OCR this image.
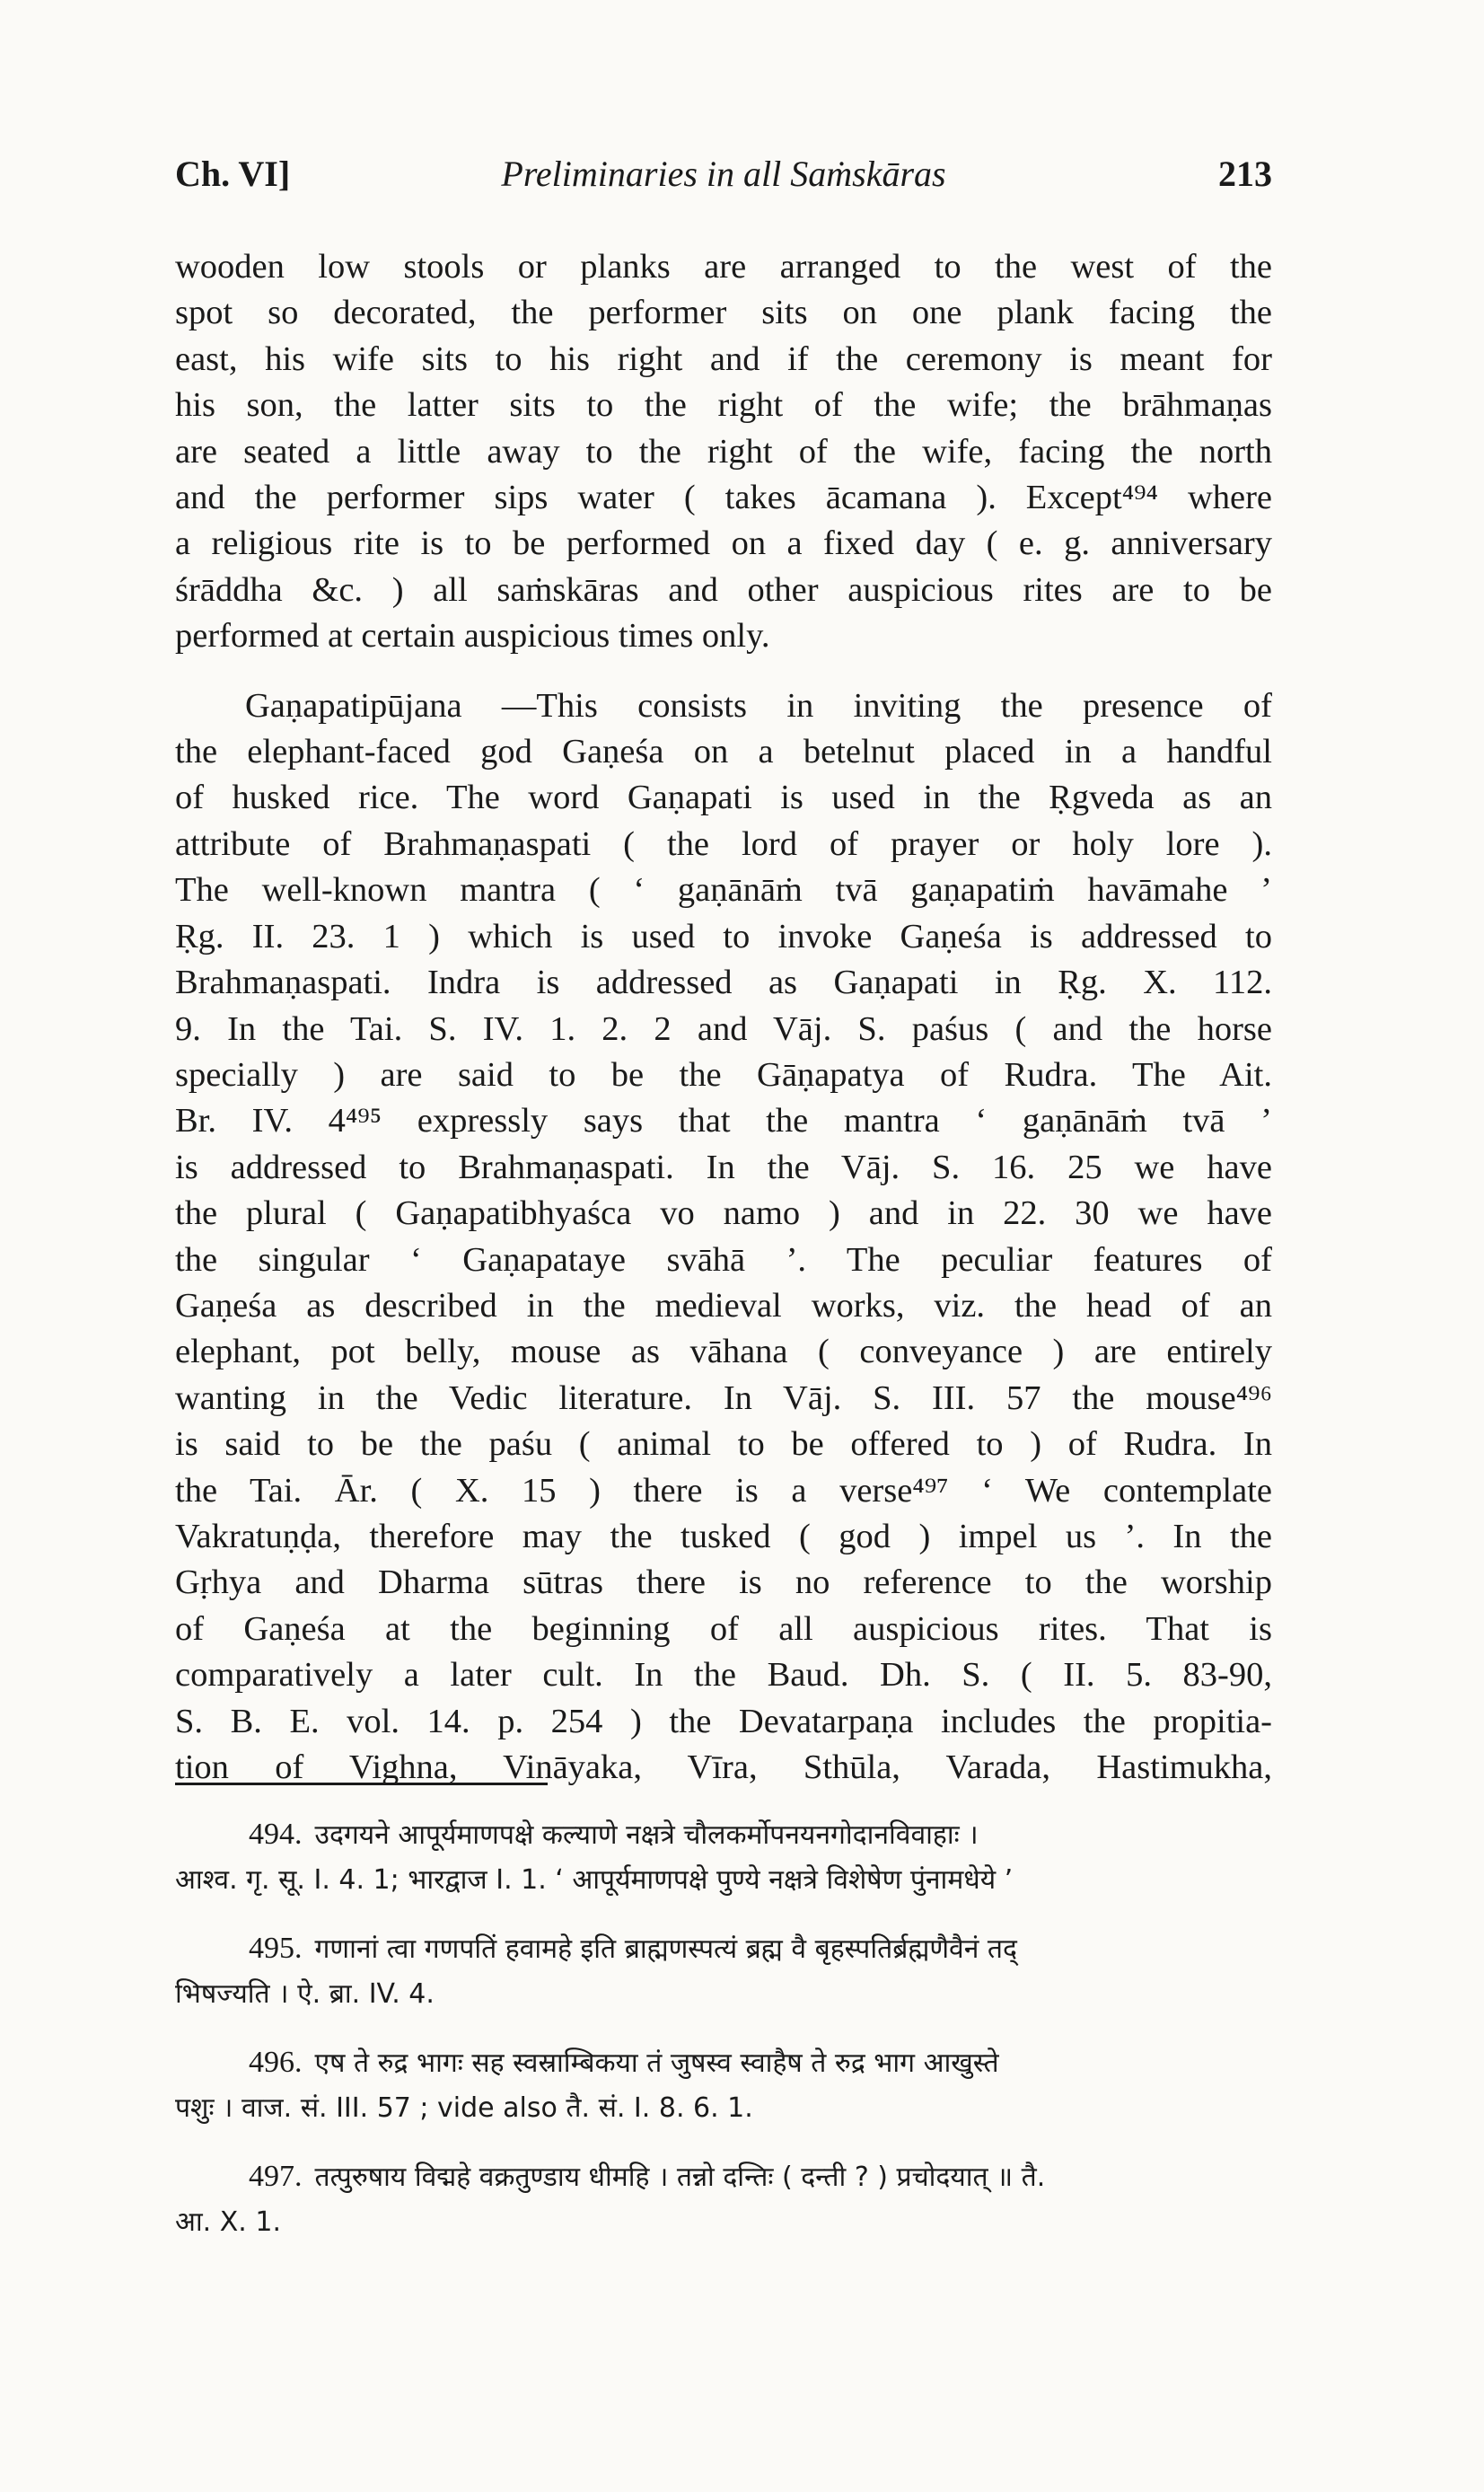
Ch. VI]	Preliminaries in all Saṁskāras	213

wooden low stools or planks are arranged to the west of the
spot so decorated, the performer sits on one plank facing the
east, his wife sits to his right and if the ceremony is meant for
his son, the latter sits to the right of the wife; the brāhmaṇas
are seated a little away to the right of the wife, facing the north
and the performer sips water ( takes ācamana ). Except⁴⁹⁴ where
a religious rite is to be performed on a fixed day ( e. g. anniversary
śrāddha &c. ) all saṁskāras and other auspicious rites are to be
performed at certain auspicious times only.

Gaṇapatipūjana —This consists in inviting the presence of

the elephant-faced god Gaṇeśa on a betelnut placed in a handful
of husked rice. The word Gaṇapati is used in the Ṛgveda as an
attribute of Brahmaṇaspati ( the lord of prayer or holy lore ).
The well-known mantra ( ‘ gaṇānāṁ tvā gaṇapatiṁ havāmahe ’
Ṛg. II. 23. 1 ) which is used to invoke Gaṇeśa is addressed to
Brahmaṇaspati. Indra is addressed as Gaṇapati in Ṛg. X. 112.
9. In the Tai. S. IV. 1. 2. 2 and Vāj. S. paśus ( and the horse
specially ) are said to be the Gāṇapatya of Rudra. The Ait.
Br. IV. 4⁴⁹⁵ expressly says that the mantra ‘ gaṇānāṁ tvā ’
is addressed to Brahmaṇaspati. In the Vāj. S. 16. 25 we have
the plural ( Gaṇapatibhyaśca vo namo ) and in 22. 30 we have
the singular ‘ Gaṇapataye svāhā ’. The peculiar features of
Gaṇeśa as described in the medieval works, viz. the head of an
elephant, pot belly, mouse as vāhana ( conveyance ) are entirely
wanting in the Vedic literature. In Vāj. S. III. 57 the mouse⁴⁹⁶
is said to be the paśu ( animal to be offered to ) of Rudra. In
the Tai. Ār. ( X. 15 ) there is a verse⁴⁹⁷ ‘ We contemplate
Vakratuṇḍa, therefore may the tusked ( god ) impel us ’. In the
Gṛhya and Dharma sūtras there is no reference to the worship
of Gaṇeśa at the beginning of all auspicious rites. That is
comparatively a later cult. In the Baud. Dh. S. ( II. 5. 83-90,
S. B. E. vol. 14. p. 254 ) the Devatarpaṇa includes the propitia-
tion of Vighna, Vināyaka, Vīra, Sthūla, Varada, Hastimukha,

494. उदगयने आपूर्यमाणपक्षे कल्याणे नक्षत्रे चौलकर्मोपनयनगोदानविवाहाः ।
आश्व. गृ. सू. I. 4. 1; भारद्वाज I. 1. ‘ आपूर्यमाणपक्षे पुण्ये नक्षत्रे विशेषेण पुंनामधेये ’
495. गणानां त्वा गणपतिं हवामहे इति ब्राह्मणस्पत्यं ब्रह्म वै बृहस्पतिर्ब्रह्मणैवैनं तद्
भिषज्यति । ऐ. ब्रा. IV. 4.
496. एष ते रुद्र भागः सह स्वस्राम्बिकया तं जुषस्व स्वाहैष ते रुद्र भाग आखुस्ते
पशुः । वाज. सं. III. 57 ; vide also तै. सं. I. 8. 6. 1.
497. तत्पुरुषाय विद्महे वक्रतुण्डाय धीमहि । तन्नो दन्तिः ( दन्ती ? ) प्रचोदयात् ॥ तै.
आ. X. 1.
